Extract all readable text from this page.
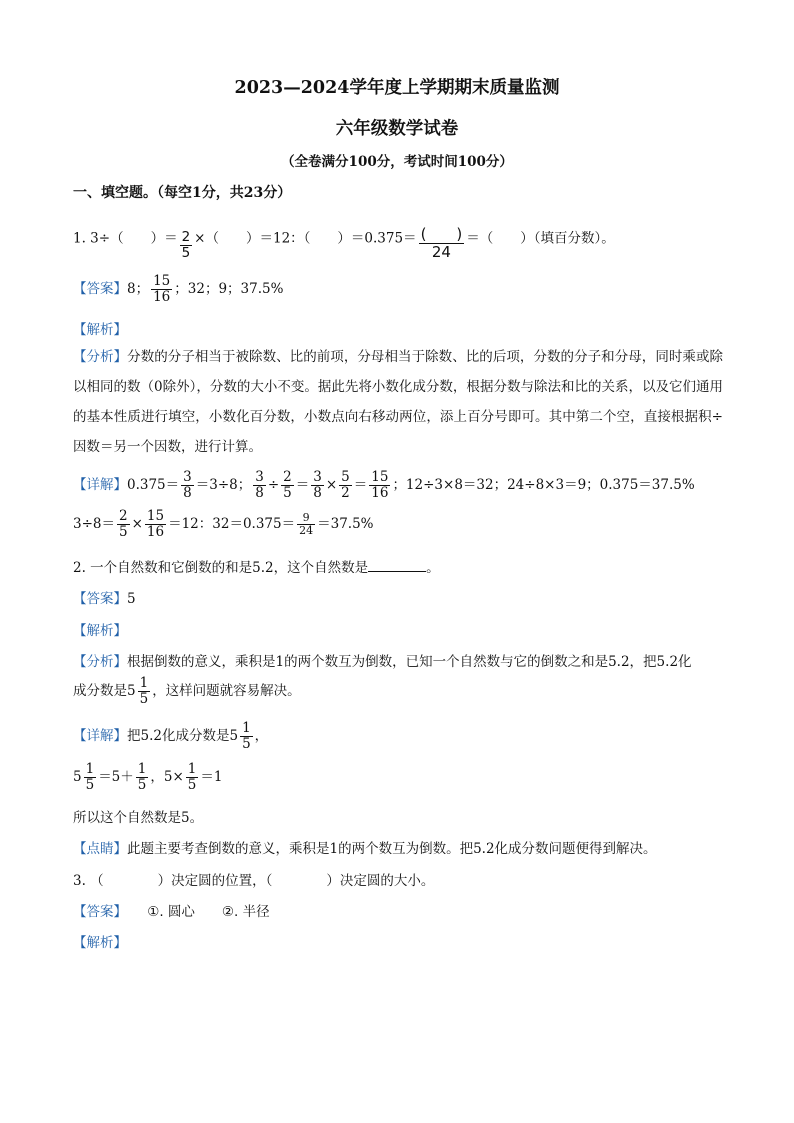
2023—2024学年度上学期期末质量监测
六年级数学试卷
（全卷满分100分，考试时间100分）
一、填空题。（每空1分，共23分）
1. 3÷（　　）＝ $\frac{2}{5}$ ×（　　）＝12：（　　）$=0.375= \frac{( )}{24}$ ＝（　　）（填百分数）。
【答案】8； $\frac{15}{16}$ ；32；9；37.5%
【解析】
【分析】分数的分子相当于被除数、比的前项，分母相当于除数、比的后项，分数的分子和分母，同时乘或除以相同的数（0除外），分数的大小不变。据此先将小数化成分数，根据分数与除法和比的关系，以及它们通用的基本性质进行填空，小数化百分数，小数点向右移动两位，添上百分号即可。其中第二个空，直接根据积÷因数＝另一个因数，进行计算。
【详解】$0.375= \frac{3}{8} =3\div 8$； $\frac{3}{8} \div \frac{2}{5} = \frac{3}{8} \times \frac{5}{2} = \frac{15}{16}$ ；12÷3×8＝32；24÷8×3＝9；0.375＝37.5%
$3\div 8= \frac{2}{5} \times \frac{15}{16} =12$：$32=0.375= \frac{9}{24} =37.5\%$
2. 一个自然数和它倒数的和是5.2，这个自然数是	。
【答案】5
【解析】
【分析】根据倒数的意义，乘积是1的两个数互为倒数，已知一个自然数与它的倒数之和是5.2，把5.2化
成分数是$5 \frac{1}{5}$ ，这样问题就容易解决。
【详解】把5.2化成分数是$5 \frac{1}{5}$ ，
$5 \frac{1}{5} =5+ \frac{1}{5}$ ，$5\times \frac{1}{5} =1$
所以这个自然数是5。
【点睛】此题主要考查倒数的意义，乘积是1的两个数互为倒数。把5.2化成分数问题便得到解决。
3. （　　　　）决定圆的位置，（　　　　）决定圆的大小。
【答案】　　①. 圆心　　②. 半径
【解析】
